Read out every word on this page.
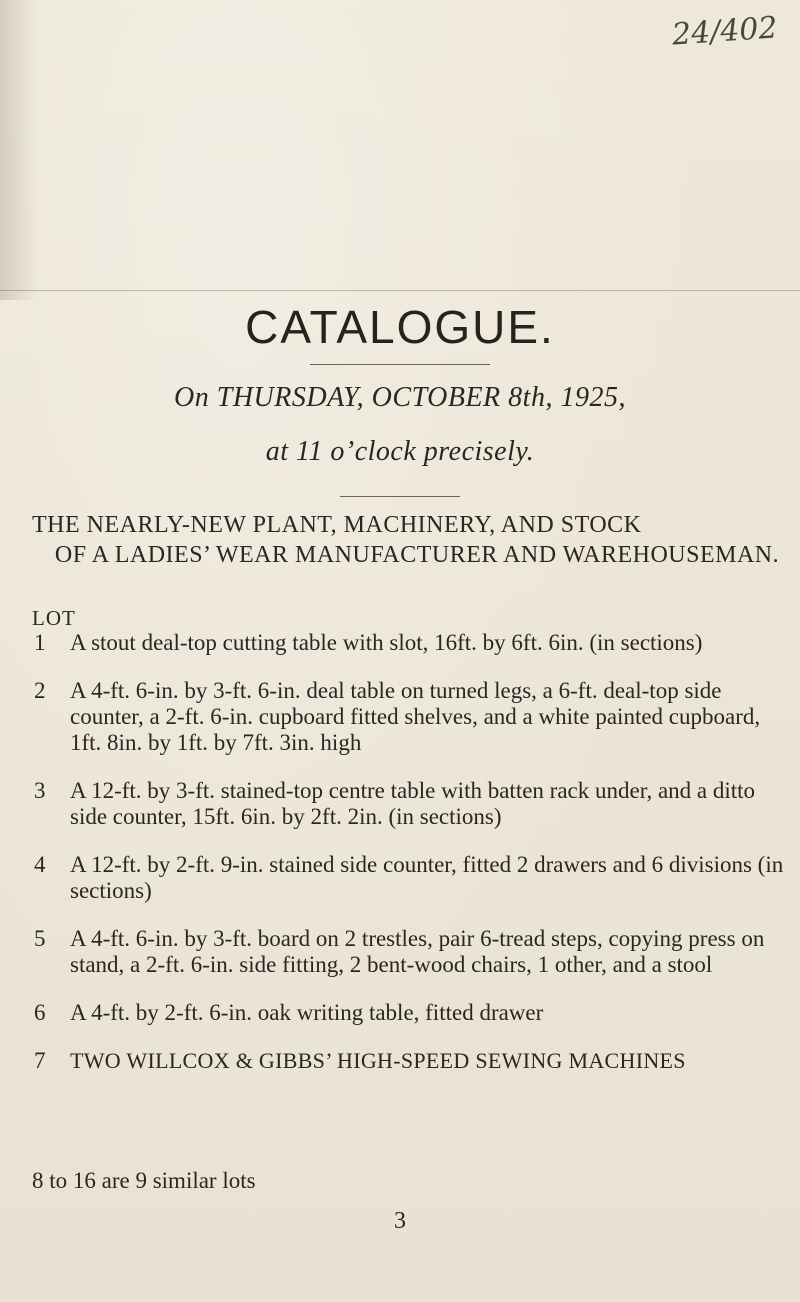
24/402
CATALOGUE.
On THURSDAY, OCTOBER 8th, 1925,
at 11 o’clock precisely.
THE NEARLY-NEW PLANT, MACHINERY, AND STOCK
OF A LADIES’ WEAR MANUFACTURER AND WAREHOUSEMAN.
LOT
1	A stout deal-top cutting table with slot, 16ft. by 6ft. 6in. (in sections)
2	A 4-ft. 6-in. by 3-ft. 6-in. deal table on turned legs, a 6-ft. deal-top side counter, a 2-ft. 6-in. cupboard fitted shelves, and a white painted cupboard, 1ft. 8in. by 1ft. by 7ft. 3in. high
3	A 12-ft. by 3-ft. stained-top centre table with batten rack under, and a ditto side counter, 15ft. 6in. by 2ft. 2in. (in sections)
4	A 12-ft. by 2-ft. 9-in. stained side counter, fitted 2 drawers and 6 divisions (in sections)
5	A 4-ft. 6-in. by 3-ft. board on 2 trestles, pair 6-tread steps, copying press on stand, a 2-ft. 6-in. side fitting, 2 bent-wood chairs, 1 other, and a stool
6	A 4-ft. by 2-ft. 6-in. oak writing table, fitted drawer
7	TWO WILLCOX & GIBBS’ HIGH-SPEED SEWING MACHINES
8 to 16 are 9 similar lots
3
